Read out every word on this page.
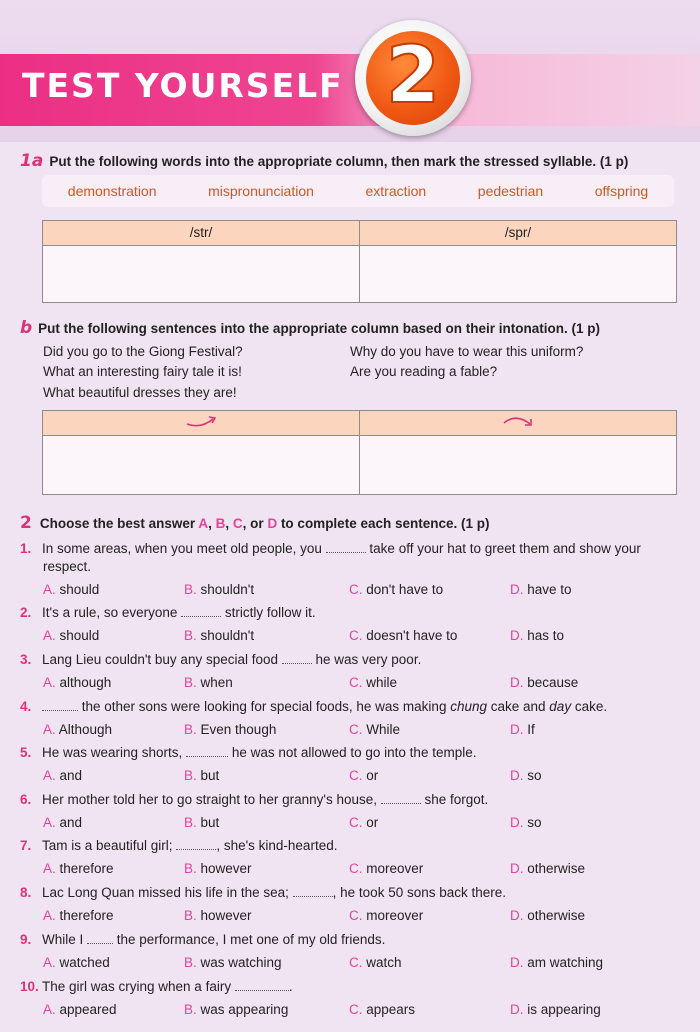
TEST YOURSELF 2
1a Put the following words into the appropriate column, then mark the stressed syllable. (1 p)
demonstration	mispronunciation	extraction	pedestrian	offspring
/str/	/spr/
b Put the following sentences into the appropriate column based on their intonation. (1 p)
Did you go to the Giong Festival?
What an interesting fairy tale it is!
What beautiful dresses they are!
Why do you have to wear this uniform?
Are you reading a fable?
2 Choose the best answer A, B, C, or D to complete each sentence. (1 p)
1. In some areas, when you meet old people, you	take off your hat to greet them and show your
respect.
A. should	B. shouldn't	C. don't have to	D. have to
2. It's a rule, so everyone	strictly follow it.
A. should	B. shouldn't	C. doesn't have to	D. has to
3. Lang Lieu couldn't buy any special food  he was very poor.
A. although	B. when	C. while	D. because
4.	the other sons were looking for special foods, he was making chung cake and day cake.
A. Although	B. Even though	C. While	D. If
5. He was wearing shorts,	he was not allowed to go into the temple.
A. and	B. but	C. or	D. so
6. Her mother told her to go straight to her granny's house,	she forgot.
A. and	B. but	C. or	D. so
7. Tam is a beautiful girl;	, she's kind-hearted.
A. therefore	B. however	C. moreover	D. otherwise
8. Lac Long Quan missed his life in the sea;	, he took 50 sons back there.
A. therefore	B. however	C. moreover	D. otherwise
9. While I  the performance, I met one of my old friends.
A. watched	B. was watching	C. watch	D. am watching
10. The girl was crying when a fairy	.
A. appeared	B. was appearing	C. appears	D. is appearing
